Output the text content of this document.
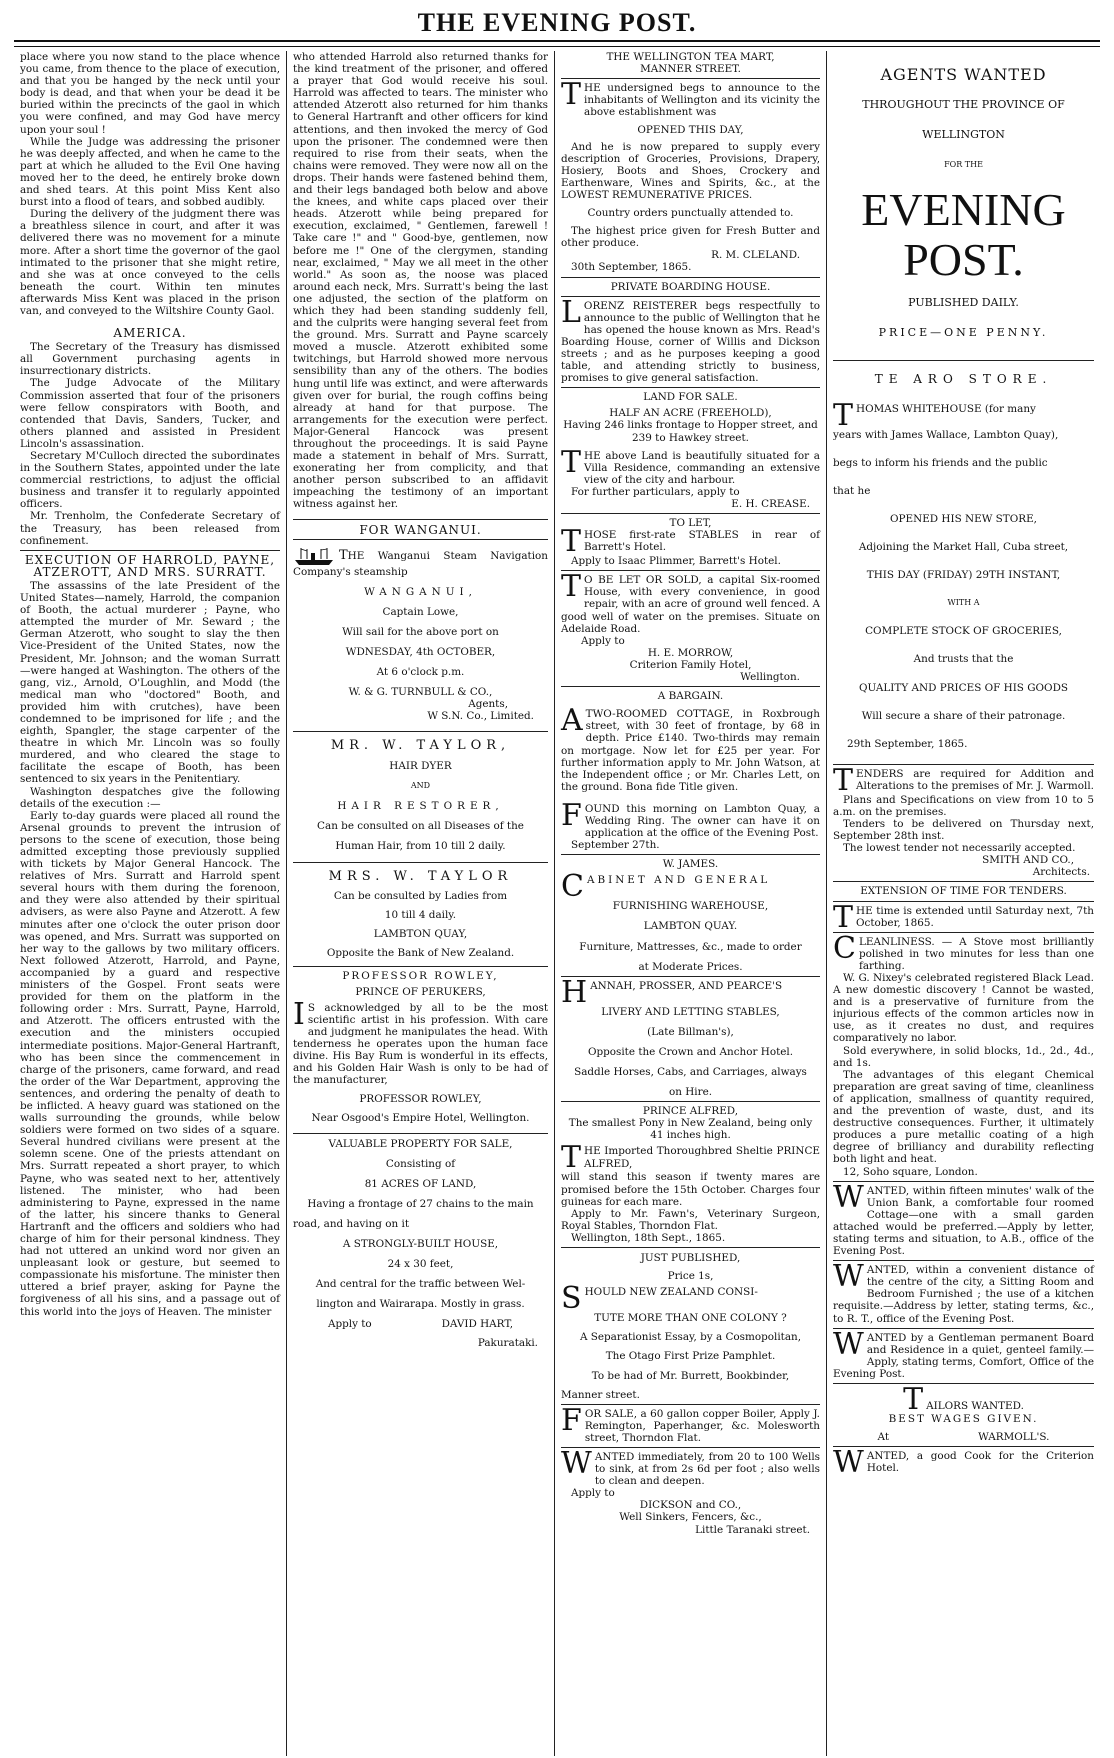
THE EVENING POST.

place where you now stand to the place whence you came, from thence to the place of execution, and that you be hanged by the neck until your body is dead, and that when your be dead it be buried within the precincts of the gaol in which you were confined, and may God have mercy upon your soul !

While the Judge was addressing the prisoner he was deeply affected, and when he came to the part at which he alluded to the Evil One having moved her to the deed, he entirely broke down and shed tears. At this point Miss Kent also burst into a flood of tears, and sobbed audibly.

During the delivery of the judgment there was a breathless silence in court, and after it was delivered there was no movement for a minute more. After a short time the governor of the gaol intimated to the prisoner that she might retire, and she was at once conveyed to the cells beneath the court. Within ten minutes afterwards Miss Kent was placed in the prison van, and conveyed to the Wiltshire County Gaol.

AMERICA.

The Secretary of the Treasury has dismissed all Government purchasing agents in insurrectionary districts.

The Judge Advocate of the Military Commission asserted that four of the prisoners were fellow conspirators with Booth, and contended that Davis, Sanders, Tucker, and others planned and assisted in President Lincoln's assassination.

Secretary M'Culloch directed the subordinates in the Southern States, appointed under the late commercial restrictions, to adjust the official business and transfer it to regularly appointed officers.

Mr. Trenholm, the Confederate Secretary of the Treasury, has been released from confinement.

EXECUTION OF HARROLD, PAYNE,
ATZEROTT, AND MRS. SURRATT.

The assassins of the late President of the United States—namely, Harrold, the companion of Booth, the actual murderer ; Payne, who attempted the murder of Mr. Seward ; the German Atzerott, who sought to slay the then Vice-President of the United States, now the President, Mr. Johnson; and the woman Surratt—were hanged at Washington. The others of the gang, viz., Arnold, O'Loughlin, and Modd (the medical man who "doctored" Booth, and provided him with crutches), have been condemned to be imprisoned for life ; and the eighth, Spangler, the stage carpenter of the theatre in which Mr. Lincoln was so foully murdered, and who cleared the stage to facilitate the escape of Booth, has been sentenced to six years in the Penitentiary.

Washington despatches give the following details of the execution :—

Early to-day guards were placed all round the Arsenal grounds to prevent the intrusion of persons to the scene of execution, those being admitted excepting those previously supplied with tickets by Major General Hancock. The relatives of Mrs. Surratt and Harrold spent several hours with them during the forenoon, and they were also attended by their spiritual advisers, as were also Payne and Atzerott. A few minutes after one o'clock the outer prison door was opened, and Mrs. Surratt was supported on her way to the gallows by two military officers. Next followed Atzerott, Harrold, and Payne, accompanied by a guard and respective ministers of the Gospel. Front seats were provided for them on the platform in the following order : Mrs. Surratt, Payne, Harrold, and Atzerott. The officers entrusted with the execution and the ministers occupied intermediate positions. Major-General Hartranft, who has been since the commencement in charge of the prisoners, came forward, and read the order of the War Department, approving the sentences, and ordering the penalty of death to be inflicted. A heavy guard was stationed on the walls surrounding the grounds, while below soldiers were formed on two sides of a square. Several hundred civilians were present at the solemn scene. One of the priests attendant on Mrs. Surratt repeated a short prayer, to which Payne, who was seated next to her, attentively listened. The minister, who had been administering to Payne, expressed in the name of the latter, his sincere thanks to General Hartranft and the officers and soldiers who had charge of him for their personal kindness. They had not uttered an unkind word nor given an unpleasant look or gesture, but seemed to compassionate his misfortune. The minister then uttered a brief prayer, asking for Payne the forgiveness of all his sins, and a passage out of this world into the joys of Heaven. The minister

who attended Harrold also returned thanks for the kind treatment of the prisoner, and offered a prayer that God would receive his soul. Harrold was affected to tears. The minister who attended Atzerott also returned for him thanks to General Hartranft and other officers for kind attentions, and then invoked the mercy of God upon the prisoner. The condemned were then required to rise from their seats, when the chains were removed. They were now all on the drops. Their hands were fastened behind them, and their legs bandaged both below and above the knees, and white caps placed over their heads. Atzerott while being prepared for execution, exclaimed, " Gentlemen, farewell ! Take care !" and " Good-bye, gentlemen, now before me !" One of the clergymen, standing near, exclaimed, " May we all meet in the other world." As soon as, the noose was placed around each neck, Mrs. Surratt's being the last one adjusted, the section of the platform on which they had been standing suddenly fell, and the culprits were hanging several feet from the ground. Mrs. Surratt and Payne scarcely moved a muscle. Atzerott exhibited some twitchings, but Harrold showed more nervous sensibility than any of the others. The bodies hung until life was extinct, and were afterwards given over for burial, the rough coffins being already at hand for that purpose. The arrangements for the execution were perfect. Major-General Hancock was present throughout the proceedings. It is said Payne made a statement in behalf of Mrs. Surratt, exonerating her from complicity, and that another person subscribed to an affidavit impeaching the testimony of an important witness against her.

FOR WANGANUI.

THE Wanganui Steam Navigation Company's steamship

WANGANUI,
Captain Lowe,
Will sail for the above port on
WDNESDAY, 4th OCTOBER,
At 6 o'clock p.m.
W. & G. TURNBULL & CO.,
Agents,
W S.N. Co., Limited.
MR. W. TAYLOR,
HAIR DYER
AND
HAIR RESTORER,
Can be consulted on all Diseases of the
Human Hair, from 10 till 2 daily.
MRS. W. TAYLOR
Can be consulted by Ladies from
10 till 4 daily.
LAMBTON QUAY,
Opposite the Bank of New Zealand.
PROFESSOR ROWLEY,
PRINCE OF PERUKERS,

I S acknowledged by all to be the most scientific artist in his profession. With care and judgment he manipulates the head. With tenderness he operates upon the human face divine. His Bay Rum is wonderful in its effects, and his Golden Hair Wash is only to be had of the manufacturer,

PROFESSOR ROWLEY,
Near Osgood's Empire Hotel, Wellington.
VALUABLE PROPERTY FOR SALE,
Consisting of
81 ACRES OF LAND,
Having a frontage of 27 chains to the main
road, and having on it
A STRONGLY-BUILT HOUSE,
24 x 30 feet,
And central for the traffic between Wel-
lington and Wairarapa. Mostly in grass.
Apply to	DAVID HART,
Pakurataki.
THE WELLINGTON TEA MART,
MANNER STREET.

THE undersigned begs to announce to the inhabitants of Wellington and its vicinity the above establishment was

OPENED THIS DAY,

And he is now prepared to supply every description of Groceries, Provisions, Drapery, Hosiery, Boots and Shoes, Crockery and Earthenware, Wines and Spirits, &c., at the LOWEST REMUNERATIVE PRICES.

Country orders punctually attended to.

The highest price given for Fresh Butter and other produce.

R. M. CLELAND.
30th September, 1865.
PRIVATE BOARDING HOUSE.

LORENZ REISTERER begs respectfully to announce to the public of Wellington that he has opened the house known as Mrs. Read's Boarding House, corner of Willis and Dickson streets ; and as he purposes keeping a good table, and attending strictly to business, promises to give general satisfaction.

LAND FOR SALE.
HALF AN ACRE (FREEHOLD),

Having 246 links frontage to Hopper street, and 239 to Hawkey street.

THE above Land is beautifully situated for a Villa Residence, commanding an extensive view of the city and harbour.

For further particulars, apply to
E. H. CREASE.
TO LET,

THOSE first-rate STABLES in rear of Barrett's Hotel.

Apply to Isaac Plimmer, Barrett's Hotel.

T O BE LET OR SOLD, a capital Six-roomed House, with every convenience, in good repair, with an acre of ground well fenced. A good well of water on the premises. Situate on Adelaide Road.

Apply to
H. E. MORROW,
Criterion Family Hotel,
Wellington.
A BARGAIN.

ATWO-ROOMED COTTAGE, in Roxbrough street, with 30 feet of frontage, by 68 in depth. Price £140. Two-thirds may remain on mortgage. Now let for £25 per year. For further information apply to Mr. John Watson, at the Independent office ; or Mr. Charles Lett, on the ground. Bona fide Title given.

FOUND this morning on Lambton Quay, a Wedding Ring. The owner can have it on application at the office of the Evening Post.

September 27th.
W. JAMES.
CABINET AND GENERAL
FURNISHING WAREHOUSE,
LAMBTON QUAY.
Furniture, Mattresses, &c., made to order
at Moderate Prices.
HANNAH, PROSSER, AND PEARCE'S
LIVERY AND LETTING STABLES,
(Late Billman's),
Opposite the Crown and Anchor Hotel.
Saddle Horses, Cabs, and Carriages, always
on Hire.
PRINCE ALFRED,

The smallest Pony in New Zealand, being only 41 inches high.

THE Imported Thoroughbred Sheltie PRINCE ALFRED,

will stand this season if twenty mares are promised before the 15th October. Charges four guineas for each mare.

Apply to Mr. Fawn's, Veterinary Surgeon, Royal Stables, Thorndon Flat.

Wellington, 18th Sept., 1865.
JUST PUBLISHED,
Price 1s,
SHOULD NEW ZEALAND CONSI-
TUTE MORE THAN ONE COLONY ?
A Separationist Essay, by a Cosmopolitan,
The Otago First Prize Pamphlet.
To be had of Mr. Burrett, Bookbinder,
Manner street.

FOR SALE, a 60 gallon copper Boiler, Apply J. Remington, Paperhanger, &c. Molesworth street, Thorndon Flat.

WANTED immediately, from 20 to 100 Wells to sink, at from 2s 6d per foot ; also wells to clean and deepen.

Apply to
DICKSON and CO.,
Well Sinkers, Fencers, &c.,
Little Taranaki street.
AGENTS WANTED
THROUGHOUT THE PROVINCE OF
WELLINGTON
FOR THE
EVENING POST.
PUBLISHED DAILY.
PRICE—ONE PENNY.
TE ARO STORE.
THOMAS WHITEHOUSE (for many
years with James Wallace, Lambton Quay),
begs to inform his friends and the public
that he
OPENED HIS NEW STORE,
Adjoining the Market Hall, Cuba street,
THIS DAY (FRIDAY) 29TH INSTANT,
WITH A
COMPLETE STOCK OF GROCERIES,
And trusts that the
QUALITY AND PRICES OF HIS GOODS
Will secure a share of their patronage.
29th September, 1865.

TENDERS are required for Addition and Alterations to the premises of Mr. J. Warmoll.

Plans and Specifications on view from 10 to 5 a.m. on the premises.

Tenders to be delivered on Thursday next, September 28th inst.

The lowest tender not necessarily accepted.

SMITH AND CO.,
Architects.
EXTENSION OF TIME FOR TENDERS.

THE time is extended until Saturday next, 7th October, 1865.

CLEANLINESS. — A Stove most brilliantly polished in two minutes for less than one farthing.

W. G. Nixey's celebrated registered Black Lead. A new domestic discovery ! Cannot be wasted, and is a preservative of furniture from the injurious effects of the common articles now in use, as it creates no dust, and requires comparatively no labor.

Sold everywhere, in solid blocks, 1d., 2d., 4d., and 1s.

The advantages of this elegant Chemical preparation are great saving of time, cleanliness of application, smallness of quantity required, and the prevention of waste, dust, and its destructive consequences. Further, it ultimately produces a pure metallic coating of a high degree of brilliancy and durability reflecting both light and heat.

12, Soho square, London.

WANTED, within fifteen minutes' walk of the Union Bank, a comfortable four roomed Cottage—one with a small garden attached would be preferred.—Apply by letter, stating terms and situation, to A.B., office of the Evening Post.

WANTED, within a convenient distance of the centre of the city, a Sitting Room and Bedroom Furnished ; the use of a kitchen requisite.—Address by letter, stating terms, &c., to R. T., office of the Evening Post.

WANTED by a Gentleman permanent Board and Residence in a quiet, genteel family.—Apply, stating terms, Comfort, Office of the Evening Post.

TAILORS WANTED.
BEST WAGES GIVEN.
At	WARMOLL'S.

WANTED, a good Cook for the Criterion Hotel.
